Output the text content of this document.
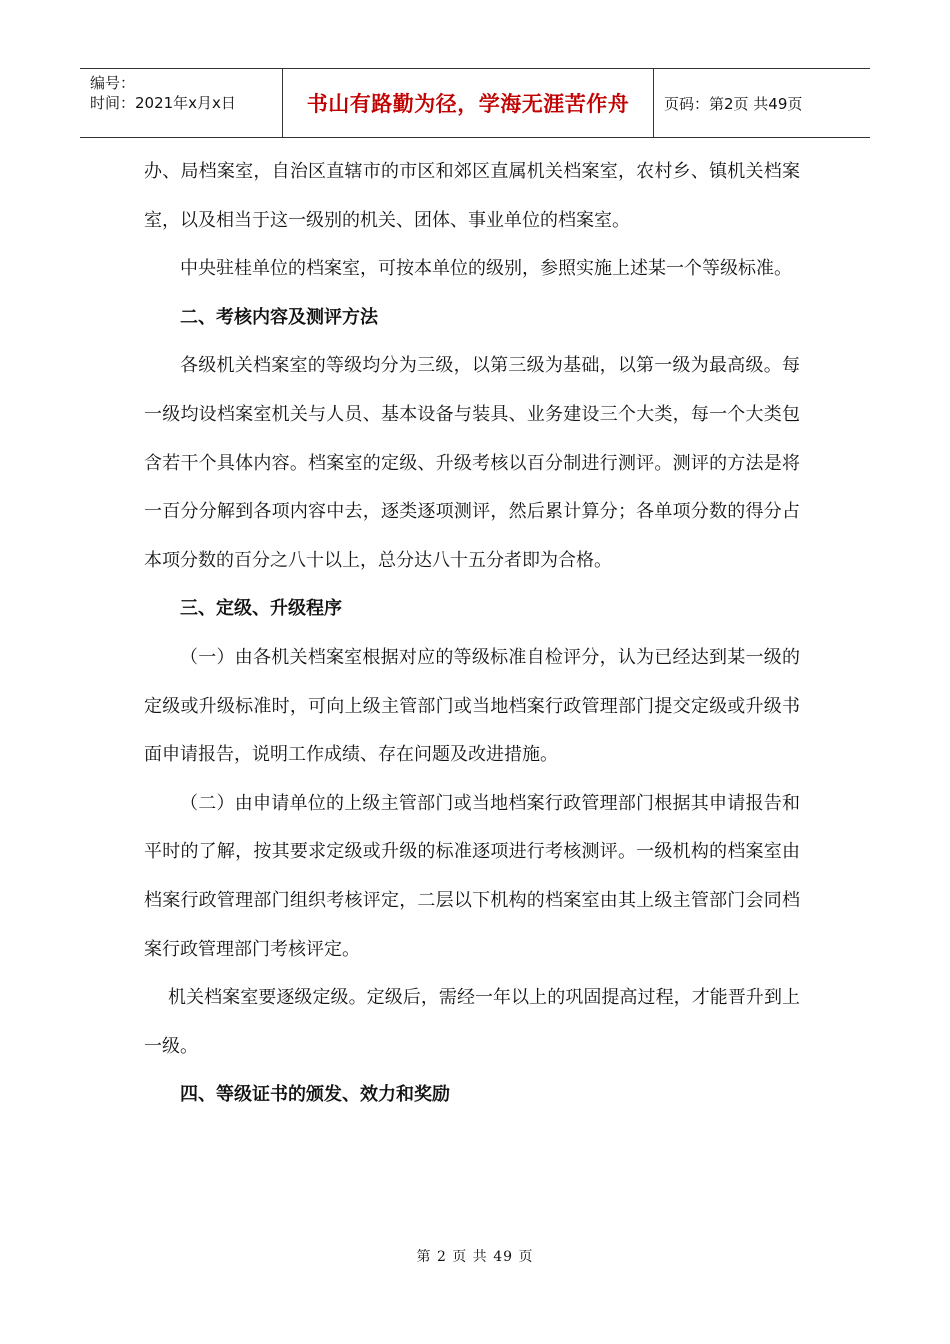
编号：
时间：2021年x月x日	书山有路勤为径，学海无涯苦作舟	页码：第2页 共49页

办、局档案室，自治区直辖市的市区和郊区直属机关档案室，农村乡、镇机关档案室，以及相当于这一级别的机关、团体、事业单位的档案室。

中央驻桂单位的档案室，可按本单位的级别，参照实施上述某一个等级标准。

二、考核内容及测评方法

各级机关档案室的等级均分为三级，以第三级为基础，以第一级为最高级。每一级均设档案室机关与人员、基本设备与装具、业务建设三个大类，每一个大类包含若干个具体内容。档案室的定级、升级考核以百分制进行测评。测评的方法是将一百分分解到各项内容中去，逐类逐项测评，然后累计算分；各单项分数的得分占本项分数的百分之八十以上，总分达八十五分者即为合格。

三、定级、升级程序

（一）由各机关档案室根据对应的等级标准自检评分，认为已经达到某一级的定级或升级标准时，可向上级主管部门或当地档案行政管理部门提交定级或升级书面申请报告，说明工作成绩、存在问题及改进措施。

（二）由申请单位的上级主管部门或当地档案行政管理部门根据其申请报告和平时的了解，按其要求定级或升级的标准逐项进行考核测评。一级机构的档案室由档案行政管理部门组织考核评定，二层以下机构的档案室由其上级主管部门会同档案行政管理部门考核评定。

机关档案室要逐级定级。定级后，需经一年以上的巩固提高过程，才能晋升到上一级。

四、等级证书的颁发、效力和奖励

第 2 页 共 49 页
